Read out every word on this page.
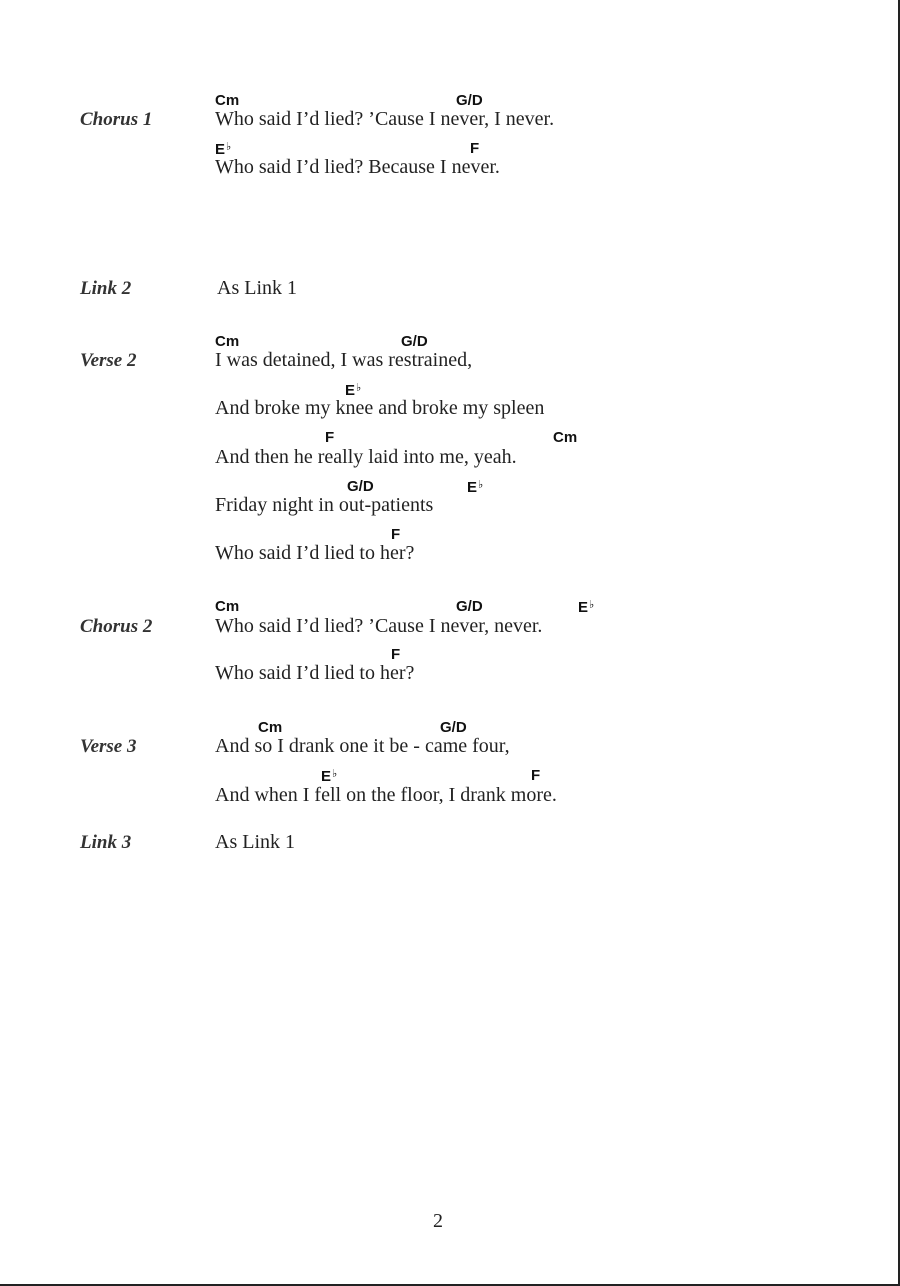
Chorus 1
Cm	G/D
Who said I’d lied? ’Cause I never, I never.
E♭	F
Who said I’d lied? Because I never.
Link 2	As Link 1
Verse 2
Cm	G/D
I was detained, I was restrained,
E♭
And broke my knee and broke my spleen
F	Cm
And then he really laid into me, yeah.
G/D	E♭
Friday night in out-patients
F
Who said I’d lied to her?
Chorus 2
Cm	G/D	E♭
Who said I’d lied? ’Cause I never, never.
F
Who said I’d lied to her?
Verse 3
Cm	G/D
And so I drank one it be - came four,
E♭	F
And when I fell on the floor, I drank more.
Link 3	As Link 1
2
